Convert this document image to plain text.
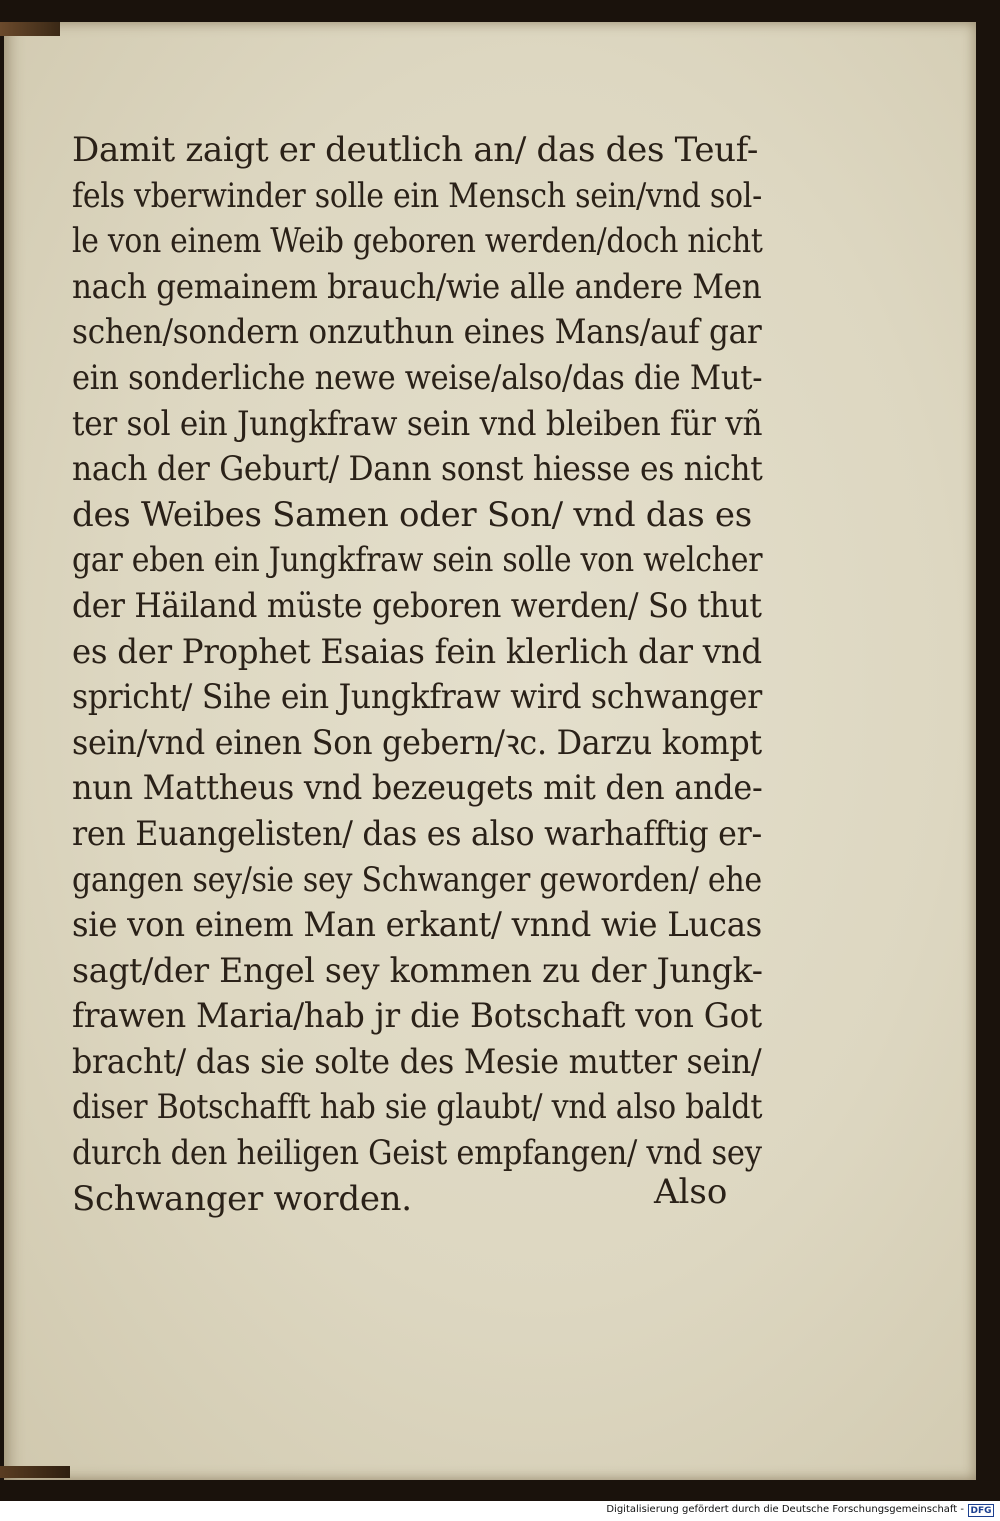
Damit zaigt er deutlich an/ das des Teuf-
fels vberwinder solle ein Mensch sein/vnd sol-
le von einem Weib geboren werden/doch nicht
nach gemainem brauch/wie alle andere Men
schen/sondern onzuthun eines Mans/auf gar
ein sonderliche newe weise/also/das die Mut-
ter sol ein Jungkfraw sein vnd bleiben für vñ
nach der Geburt/ Dann sonst hiesse es nicht
des Weibes Samen oder Son/ vnd das es
gar eben ein Jungkfraw sein solle von welcher
der Häiland müste geboren werden/ So thut
es der Prophet Esaias fein klerlich dar vnd
spricht/ Sihe ein Jungkfraw wird schwanger
sein/vnd einen Son gebern/ꝛc. Darzu kompt
nun Mattheus vnd bezeugets mit den ande-
ren Euangelisten/ das es also warhafftig er-
gangen sey/sie sey Schwanger geworden/ ehe
sie von einem Man erkant/ vnnd wie Lucas
sagt/der Engel sey kommen zu der Jungk-
frawen Maria/hab jr die Botschaft von Got
bracht/ das sie solte des Mesie mutter sein/
diser Botschafft hab sie glaubt/ vnd also baldt
durch den heiligen Geist empfangen/ vnd sey
Schwanger worden.	Also
Digitalisierung gefördert durch die Deutsche Forschungsgemeinschaft - DFG
